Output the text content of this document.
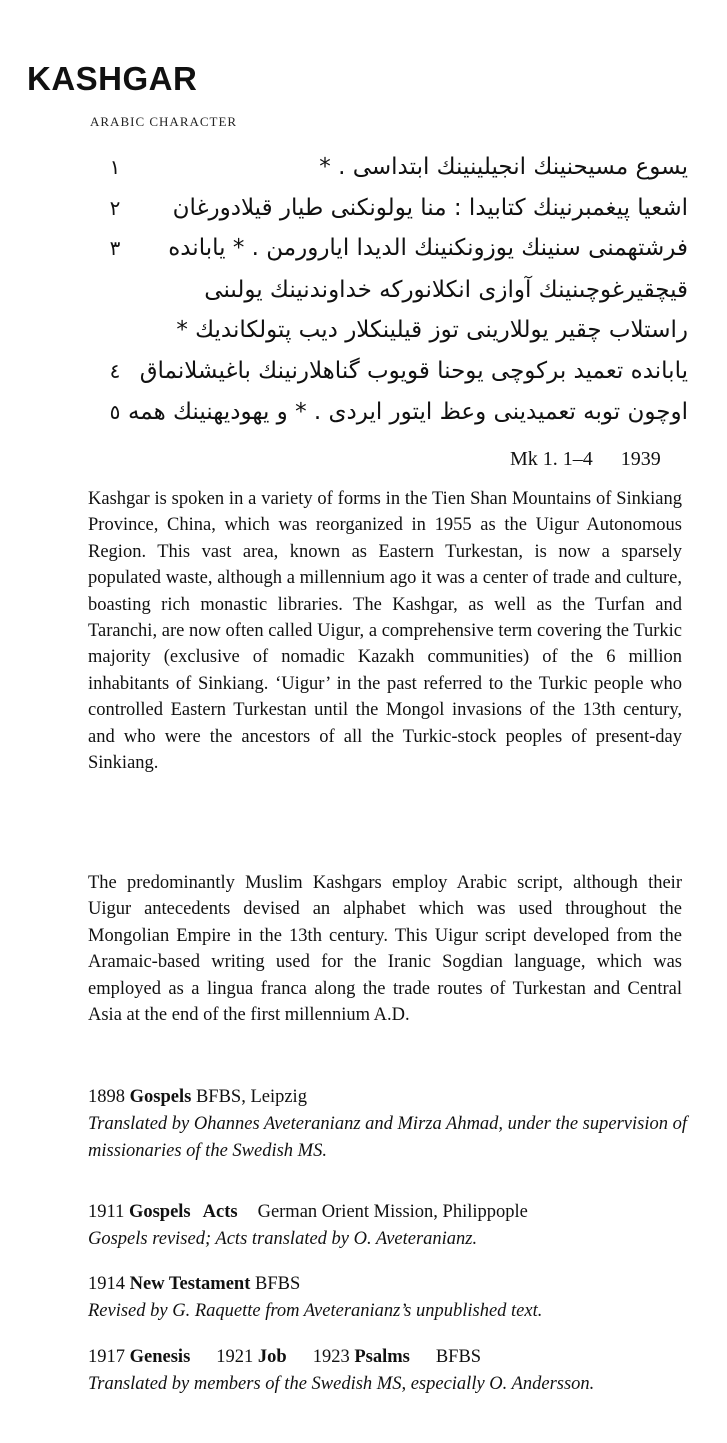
KASHGAR
ARABIC CHARACTER
يسوع مسيحنينك انجيلينينك ابتداسى . *
١
اشعيا پيغمبرنينك كتابيدا : منا يولونكنى طيار قيلادورغان
٢
فرشتهمنى سنينك يوزونكنينك الديدا ايارورمن . * يابانده
٣
قيچقيرغوچىنينك آوازى انكلانوركه خداوندنينك يولىنى
راستلاب چقير يوللارينى توز قيلينكلار ديب پتولكانديك *
يابانده تعميد بركوچى يوحنا قويوب گناهلارنينك باغيشلانماق
٤
اوچون توبه تعميدينى وعظ ايتور ايردى . * و يهوديهنينك همه
٥
Mk 1. 1–4 1939

Kashgar is spoken in a variety of forms in the Tien Shan Mountains of Sinkiang Province, China, which was reorganized in 1955 as the Uigur Autonomous Region. This vast area, known as Eastern Turkestan, is now a sparsely populated waste, although a millennium ago it was a center of trade and culture, boasting rich monastic libraries. The Kashgar, as well as the Turfan and Taranchi, are now often called Uigur, a comprehensive term covering the Turkic majority (exclusive of nomadic Kazakh communities) of the 6 million inhabitants of Sinkiang. ‘Uigur’ in the past referred to the Turkic people who controlled Eastern Turkestan until the Mongol invasions of the 13th century, and who were the ancestors of all the Turkic-stock peoples of present-day Sinkiang.

The predominantly Muslim Kashgars employ Arabic script, although their Uigur antecedents devised an alphabet which was used throughout the Mongolian Empire in the 13th century. This Uigur script developed from the Aramaic-based writing used for the Iranic Sogdian language, which was employed as a lingua franca along the trade routes of Turkestan and Central Asia at the end of the first millennium A.D.

1898 Gospels BFBS, Leipzig
Translated by Ohannes Aveteranianz and Mirza Ahmad, under the supervision of missionaries of the Swedish MS.
1911 Gospels Acts German Orient Mission, Philippople
Gospels revised; Acts translated by O. Aveteranianz.
1914 New Testament BFBS
Revised by G. Raquette from Aveteranianz’s unpublished text.
1917 Genesis 1921 Job 1923 Psalms BFBS
Translated by members of the Swedish MS, especially O. Andersson.
